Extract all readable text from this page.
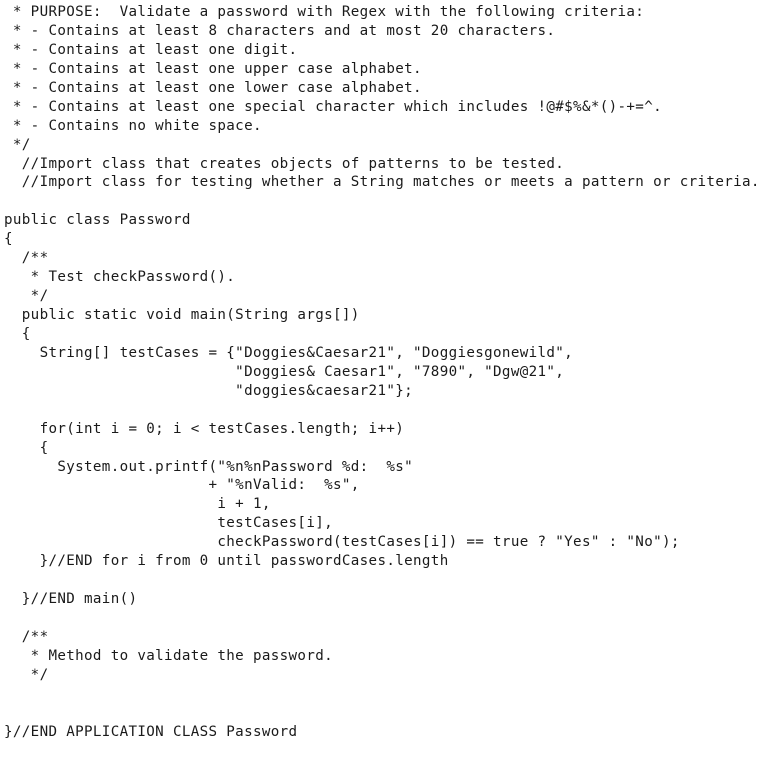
* PURPOSE:  Validate a password with Regex with the following criteria:
* - Contains at least 8 characters and at most 20 characters.
* - Contains at least one digit.
* - Contains at least one upper case alphabet.
* - Contains at least one lower case alphabet.
* - Contains at least one special character which includes !@#$%&*()-+=^.
* - Contains no white space.
*/
//Import class that creates objects of patterns to be tested.
//Import class for testing whether a String matches or meets a pattern or criteria.
public class Password
{
/**
* Test checkPassword().
*/
public static void main(String args[])
{
String[] testCases = {"Doggies&Caesar21", "Doggiesgonewild",
"Doggies& Caesar1", "7890", "Dgw@21",
"doggies&caesar21"};
for(int i = 0; i < testCases.length; i++)
{
System.out.printf("%n%nPassword %d:  %s"
+ "%nValid:  %s",
i + 1,
testCases[i],
checkPassword(testCases[i]) == true ? "Yes" : "No");
}//END for i from 0 until passwordCases.length
}//END main()
/**
* Method to validate the password.
*/
}//END APPLICATION CLASS Password
